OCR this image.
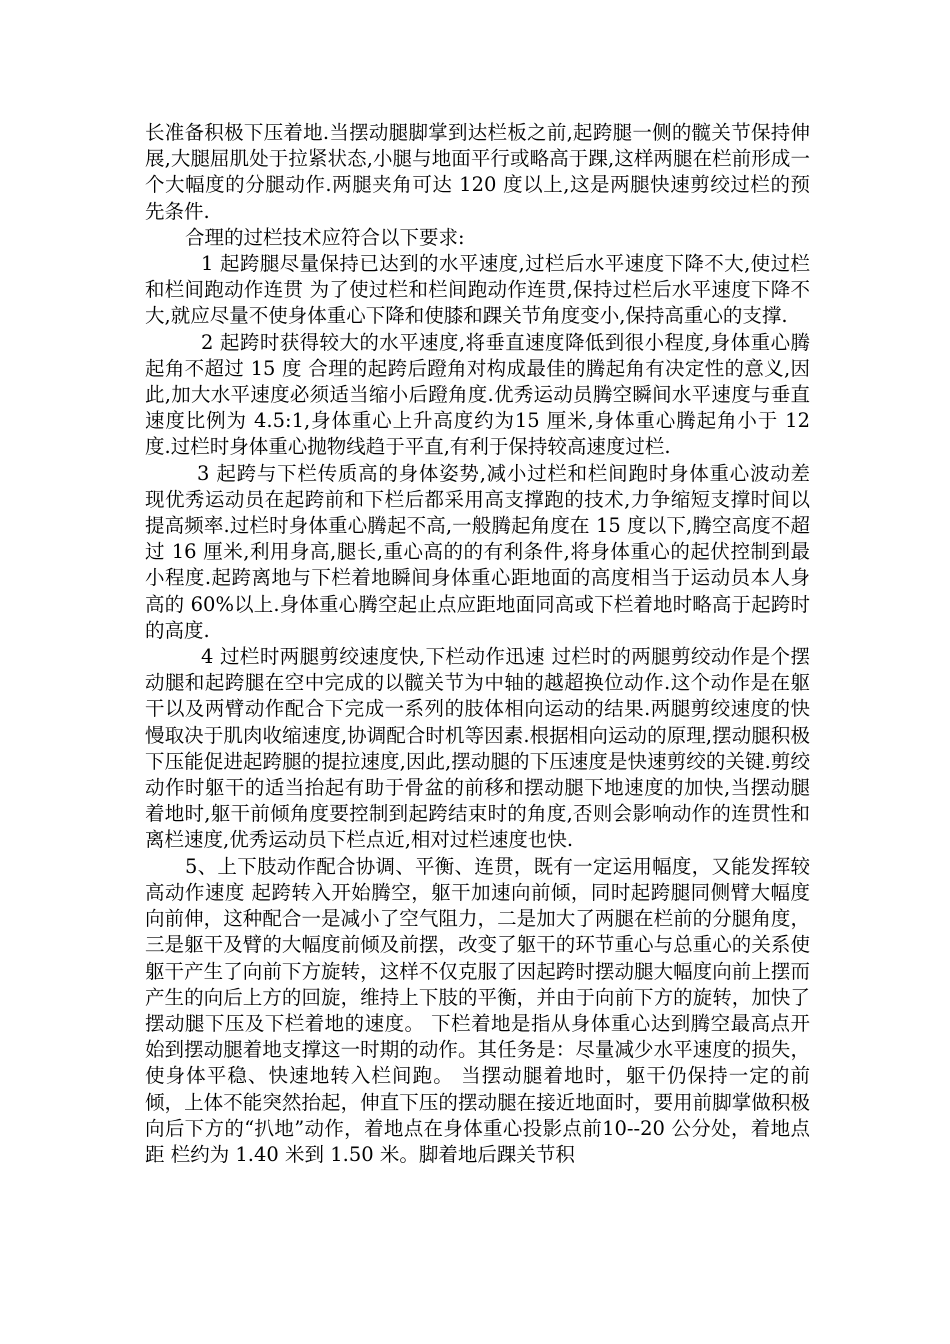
长准备积极下压着地.当摆动腿脚掌到达栏板之前,起跨腿一侧的髋关节保持伸展,大腿屈肌处于拉紧状态,小腿与地面平行或略高于踝,这样两腿在栏前形成一个大幅度的分腿动作.两腿夹角可达 120 度以上,这是两腿快速剪绞过栏的预先条件.

合理的过栏技术应符合以下要求:

1 起跨腿尽量保持已达到的水平速度,过栏后水平速度下降不大,使过栏和栏间跑动作连贯 为了使过栏和栏间跑动作连贯,保持过栏后水平速度下降不大,就应尽量不使身体重心下降和使膝和踝关节角度变小,保持高重心的支撑.

2 起跨时获得较大的水平速度,将垂直速度降低到很小程度,身体重心腾起角不超过 15 度 合理的起跨后蹬角对构成最佳的腾起角有决定性的意义,因此,加大水平速度必须适当缩小后蹬角度.优秀运动员腾空瞬间水平速度与垂直速度比例为 4.5:1,身体重心上升高度约为15 厘米,身体重心腾起角小于 12 度.过栏时身体重心抛物线趋于平直,有利于保持较高速度过栏.

3 起跨与下栏传质高的身体姿势,减小过栏和栏间跑时身体重心波动差 现优秀运动员在起跨前和下栏后都采用高支撑跑的技术,力争缩短支撑时间以提高频率.过栏时身体重心腾起不高,一般腾起角度在 15 度以下,腾空高度不超过 16 厘米,利用身高,腿长,重心高的的有利条件,将身体重心的起伏控制到最小程度.起跨离地与下栏着地瞬间身体重心距地面的高度相当于运动员本人身高的 60%以上.身体重心腾空起止点应距地面同高或下栏着地时略高于起跨时的高度.

4 过栏时两腿剪绞速度快,下栏动作迅速 过栏时的两腿剪绞动作是个摆动腿和起跨腿在空中完成的以髋关节为中轴的越超换位动作.这个动作是在躯干以及两臂动作配合下完成一系列的肢体相向运动的结果.两腿剪绞速度的快慢取决于肌肉收缩速度,协调配合时机等因素.根据相向运动的原理,摆动腿积极下压能促进起跨腿的提拉速度,因此,摆动腿的下压速度是快速剪绞的关键.剪绞动作时躯干的适当抬起有助于骨盆的前移和摆动腿下地速度的加快,当摆动腿着地时,躯干前倾角度要控制到起跨结束时的角度,否则会影响动作的连贯性和离栏速度,优秀运动员下栏点近,相对过栏速度也快.

5、上下肢动作配合协调、平衡、连贯，既有一定运用幅度，又能发挥较高动作速度 起跨转入开始腾空，躯干加速向前倾，同时起跨腿同侧臂大幅度向前伸，这种配合一是减小了空气阻力，二是加大了两腿在栏前的分腿角度，三是躯干及臂的大幅度前倾及前摆，改变了躯干的环节重心与总重心的关系使躯干产生了向前下方旋转，这样不仅克服了因起跨时摆动腿大幅度向前上摆而产生的向后上方的回旋，维持上下肢的平衡，并由于向前下方的旋转，加快了摆动腿下压及下栏着地的速度。 下栏着地是指从身体重心达到腾空最高点开始到摆动腿着地支撑这一时期的动作。其任务是：尽量减少水平速度的损失，使身体平稳、快速地转入栏间跑。 当摆动腿着地时，躯干仍保持一定的前倾，上体不能突然抬起，伸直下压的摆动腿在接近地面时，要用前脚掌做积极向后下方的“扒地”动作，着地点在身体重心投影点前10--20 公分处，着地点距 栏约为 1.40 米到 1.50 米。脚着地后踝关节积
